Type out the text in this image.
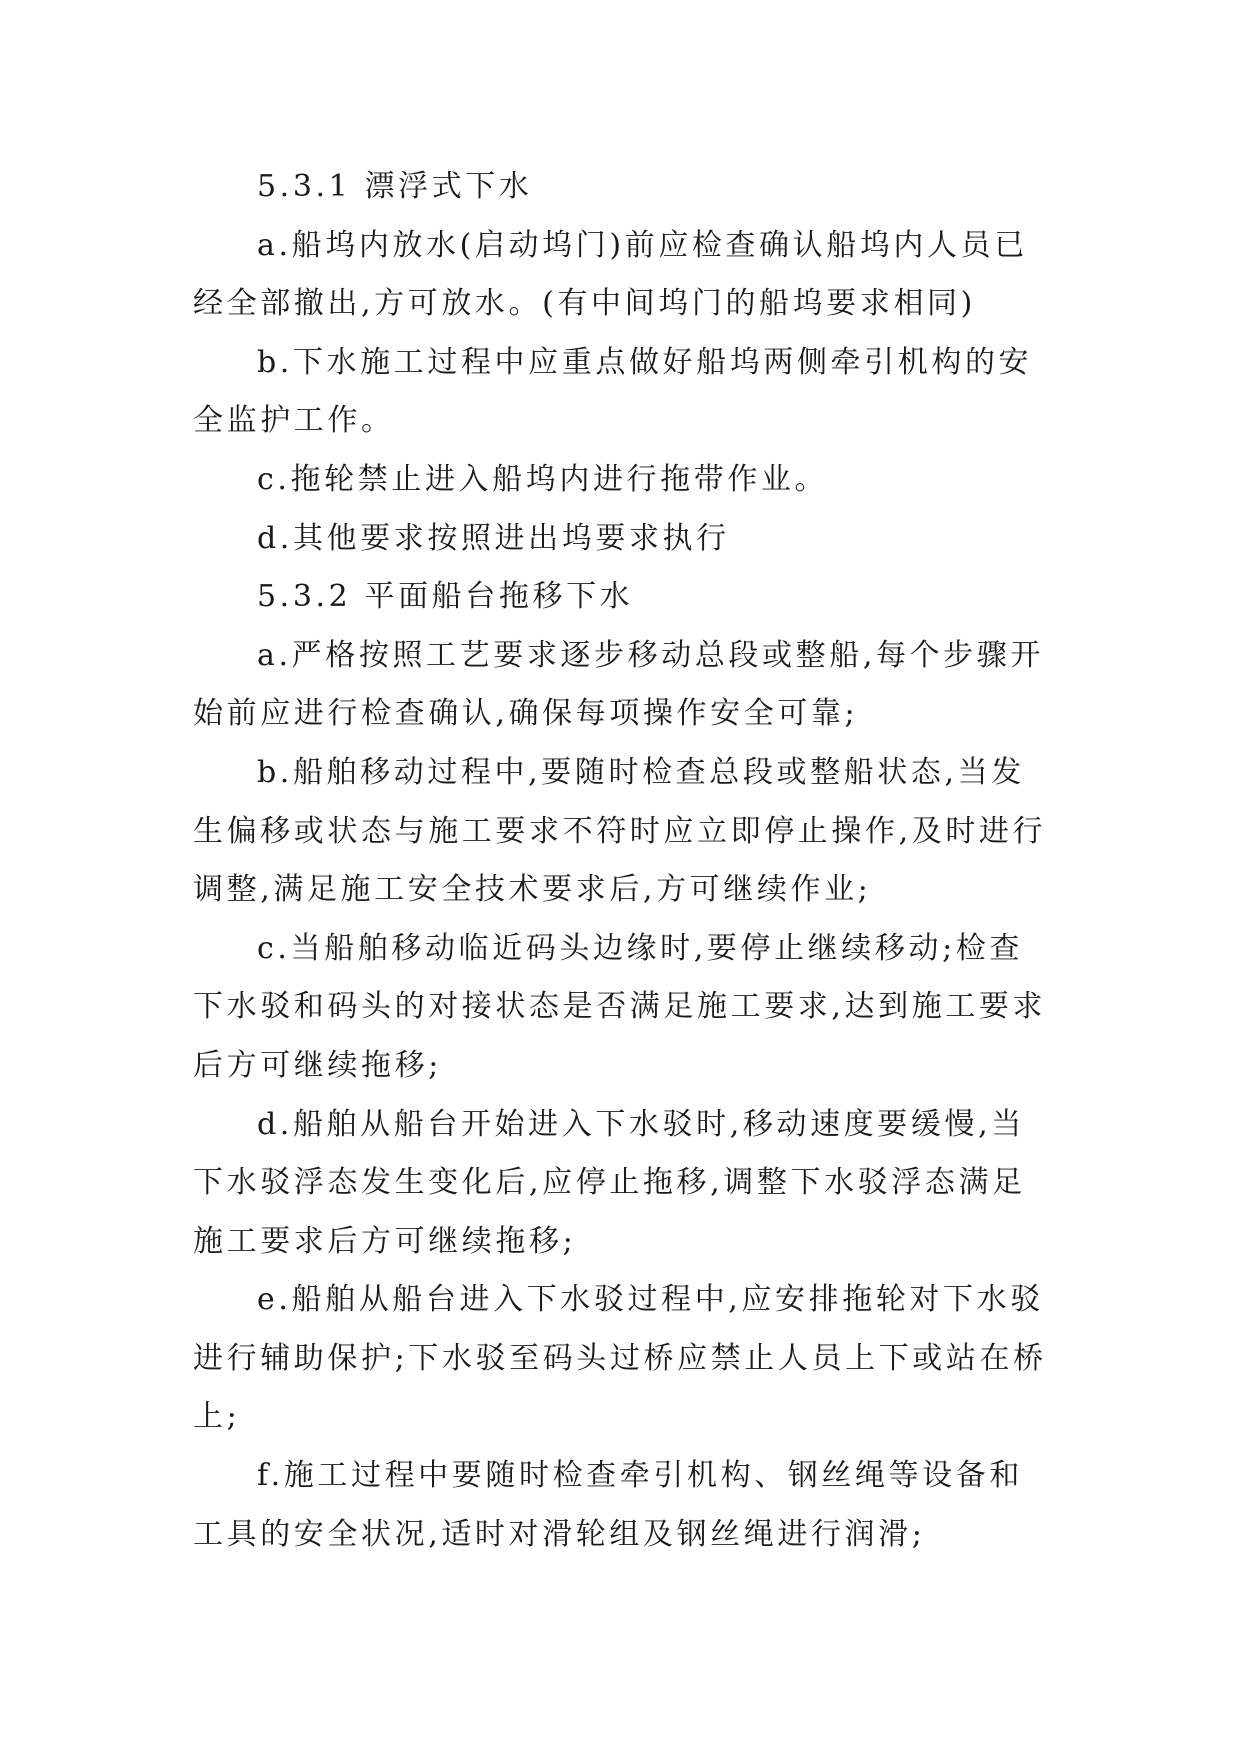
5.3.1 漂浮式下水

a.船坞内放水(启动坞门)前应检查确认船坞内人员已经全部撤出,方可放水。(有中间坞门的船坞要求相同)

b.下水施工过程中应重点做好船坞两侧牵引机构的安全监护工作。

c.拖轮禁止进入船坞内进行拖带作业。

d.其他要求按照进出坞要求执行

5.3.2 平面船台拖移下水

a.严格按照工艺要求逐步移动总段或整船,每个步骤开始前应进行检查确认,确保每项操作安全可靠;

b.船舶移动过程中,要随时检查总段或整船状态,当发生偏移或状态与施工要求不符时应立即停止操作,及时进行调整,满足施工安全技术要求后,方可继续作业;

c.当船舶移动临近码头边缘时,要停止继续移动;检查下水驳和码头的对接状态是否满足施工要求,达到施工要求后方可继续拖移;

d.船舶从船台开始进入下水驳时,移动速度要缓慢,当下水驳浮态发生变化后,应停止拖移,调整下水驳浮态满足施工要求后方可继续拖移;

e.船舶从船台进入下水驳过程中,应安排拖轮对下水驳进行辅助保护;下水驳至码头过桥应禁止人员上下或站在桥上;

f.施工过程中要随时检查牵引机构、钢丝绳等设备和工具的安全状况,适时对滑轮组及钢丝绳进行润滑;
